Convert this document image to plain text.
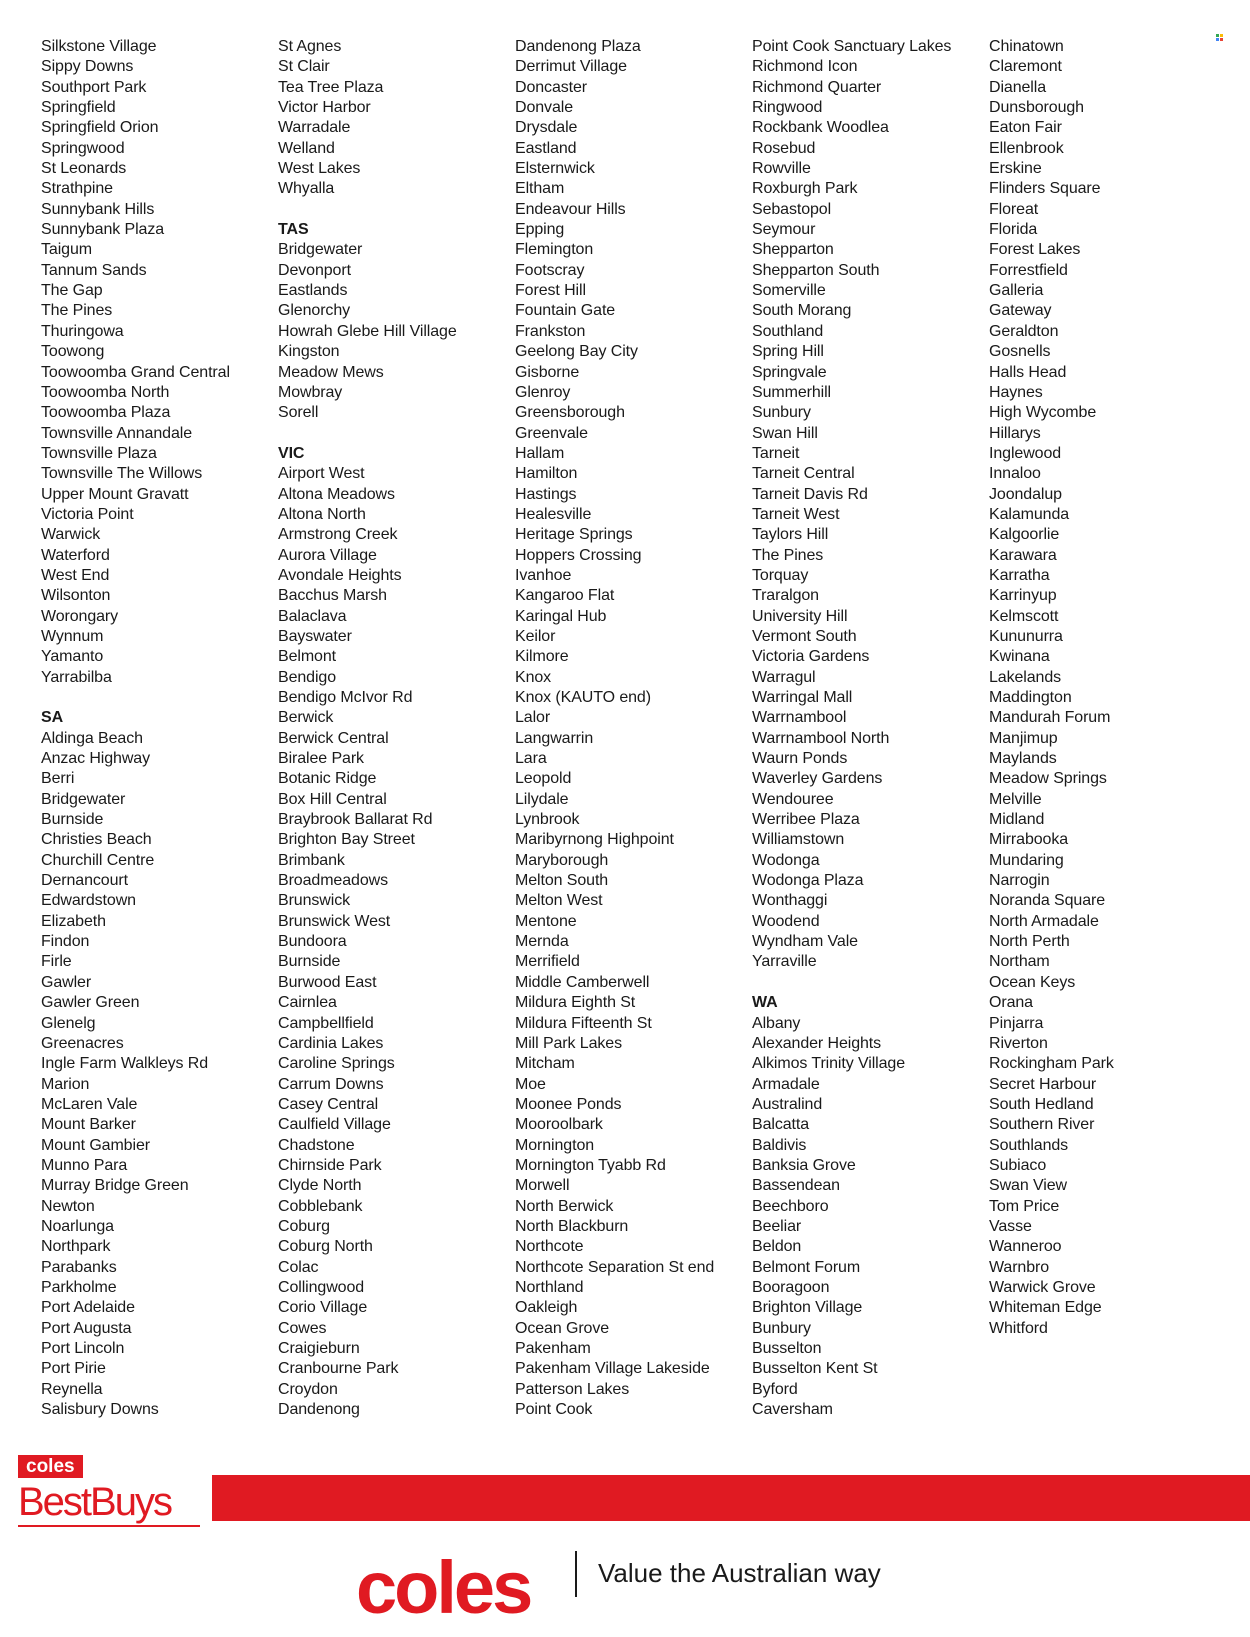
Silkstone Village
Sippy Downs
Southport Park
Springfield
Springfield Orion
Springwood
St Leonards
Strathpine
Sunnybank Hills
Sunnybank Plaza
Taigum
Tannum Sands
The Gap
The Pines
Thuringowa
Toowong
Toowoomba Grand Central
Toowoomba North
Toowoomba Plaza
Townsville Annandale
Townsville Plaza
Townsville The Willows
Upper Mount Gravatt
Victoria Point
Warwick
Waterford
West End
Wilsonton
Worongary
Wynnum
Yamanto
Yarrabilba
SA
Aldinga Beach
Anzac Highway
Berri
Bridgewater
Burnside
Christies Beach
Churchill Centre
Dernancourt
Edwardstown
Elizabeth
Findon
Firle
Gawler
Gawler Green
Glenelg
Greenacres
Ingle Farm Walkleys Rd
Marion
McLaren Vale
Mount Barker
Mount Gambier
Munno Para
Murray Bridge Green
Newton
Noarlunga
Northpark
Parabanks
Parkholme
Port Adelaide
Port Augusta
Port Lincoln
Port Pirie
Reynella
Salisbury Downs
St Agnes
St Clair
Tea Tree Plaza
Victor Harbor
Warradale
Welland
West Lakes
Whyalla
TAS
Bridgewater
Devonport
Eastlands
Glenorchy
Howrah Glebe Hill Village
Kingston
Meadow Mews
Mowbray
Sorell
VIC
Airport West
Altona Meadows
Altona North
Armstrong Creek
Aurora Village
Avondale Heights
Bacchus Marsh
Balaclava
Bayswater
Belmont
Bendigo
Bendigo McIvor Rd
Berwick
Berwick Central
Biralee Park
Botanic Ridge
Box Hill Central
Braybrook Ballarat Rd
Brighton Bay Street
Brimbank
Broadmeadows
Brunswick
Brunswick West
Bundoora
Burnside
Burwood East
Cairnlea
Campbellfield
Cardinia Lakes
Caroline Springs
Carrum Downs
Casey Central
Caulfield Village
Chadstone
Chirnside Park
Clyde North
Cobblebank
Coburg
Coburg North
Colac
Collingwood
Corio Village
Cowes
Craigieburn
Cranbourne Park
Croydon
Dandenong
Dandenong Plaza
Derrimut Village
Doncaster
Donvale
Drysdale
Eastland
Elsternwick
Eltham
Endeavour Hills
Epping
Flemington
Footscray
Forest Hill
Fountain Gate
Frankston
Geelong Bay City
Gisborne
Glenroy
Greensborough
Greenvale
Hallam
Hamilton
Hastings
Healesville
Heritage Springs
Hoppers Crossing
Ivanhoe
Kangaroo Flat
Karingal Hub
Keilor
Kilmore
Knox
Knox (KAUTO end)
Lalor
Langwarrin
Lara
Leopold
Lilydale
Lynbrook
Maribyrnong Highpoint
Maryborough
Melton South
Melton West
Mentone
Mernda
Merrifield
Middle Camberwell
Mildura Eighth St
Mildura Fifteenth St
Mill Park Lakes
Mitcham
Moe
Moonee Ponds
Mooroolbark
Mornington
Mornington Tyabb Rd
Morwell
North Berwick
North Blackburn
Northcote
Northcote Separation St end
Northland
Oakleigh
Ocean Grove
Pakenham
Pakenham Village Lakeside
Patterson Lakes
Point Cook
Point Cook Sanctuary Lakes
Richmond Icon
Richmond Quarter
Ringwood
Rockbank Woodlea
Rosebud
Rowville
Roxburgh Park
Sebastopol
Seymour
Shepparton
Shepparton South
Somerville
South Morang
Southland
Spring Hill
Springvale
Summerhill
Sunbury
Swan Hill
Tarneit
Tarneit Central
Tarneit Davis Rd
Tarneit West
Taylors Hill
The Pines
Torquay
Traralgon
University Hill
Vermont South
Victoria Gardens
Warragul
Warringal Mall
Warrnambool
Warrnambool North
Waurn Ponds
Waverley Gardens
Wendouree
Werribee Plaza
Williamstown
Wodonga
Wodonga Plaza
Wonthaggi
Woodend
Wyndham Vale
Yarraville
WA
Albany
Alexander Heights
Alkimos Trinity Village
Armadale
Australind
Balcatta
Baldivis
Banksia Grove
Bassendean
Beechboro
Beeliar
Beldon
Belmont Forum
Booragoon
Brighton Village
Bunbury
Busselton
Busselton Kent St
Byford
Caversham
Chinatown
Claremont
Dianella
Dunsborough
Eaton Fair
Ellenbrook
Erskine
Flinders Square
Floreat
Florida
Forest Lakes
Forrestfield
Galleria
Gateway
Geraldton
Gosnells
Halls Head
Haynes
High Wycombe
Hillarys
Inglewood
Innaloo
Joondalup
Kalamunda
Kalgoorlie
Karawara
Karratha
Karrinyup
Kelmscott
Kununurra
Kwinana
Lakelands
Maddington
Mandurah Forum
Manjimup
Maylands
Meadow Springs
Melville
Midland
Mirrabooka
Mundaring
Narrogin
Noranda Square
North Armadale
North Perth
Northam
Ocean Keys
Orana
Pinjarra
Riverton
Rockingham Park
Secret Harbour
South Hedland
Southern River
Southlands
Subiaco
Swan View
Tom Price
Vasse
Wanneroo
Warnbro
Warwick Grove
Whiteman Edge
Whitford
coles
BestBuys
coles	Value the Australian way
